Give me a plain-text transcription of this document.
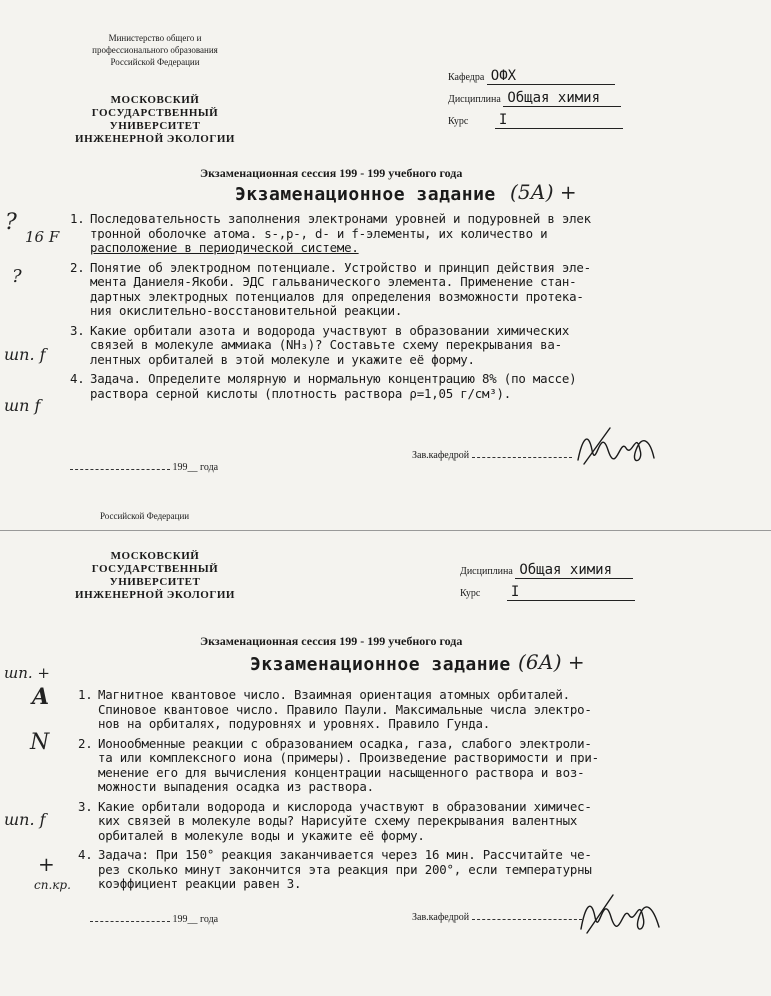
Министерство общего и
профессионального образования
Российской Федерации
МОСКОВСКИЙ
ГОСУДАРСТВЕННЫЙ
УНИВЕРСИТЕТ
ИНЖЕНЕРНОЙ ЭКОЛОГИИ
Кафедра ОФХ
Дисциплина Общая химия
Курс I
Экзаменационная сессия 199 - 199 учебного года
Экзаменационное задание (5А) +
?
16 F
?
шп. f
шп f
1. Последовательность заполнения электронами уровней и подуровней в элек
тронной оболочке атома. s-,p-, d- и f-элементы, их количество и
расположение в периодической системе.
2. Понятие об электродном потенциале. Устройство и принцип действия эле-
мента Даниеля-Якоби. ЭДС гальванического элемента. Применение стан-
дартных электродных потенциалов для определения возможности протека-
ния окислительно-восстановительной реакции.
3. Какие орбитали азота и водорода участвуют в образовании химических
связей в молекуле аммиака (NH₃)? Составьте схему перекрывания ва-
лентных орбиталей в этой молекуле и укажите её форму.
4. Задача. Определите молярную и нормальную концентрацию 8% (по массе)
раствора серной кислоты (плотность раствора ρ=1,05 г/см³).
199__ года
Зав.кафедрой
Российской Федерации
МОСКОВСКИЙ
ГОСУДАРСТВЕННЫЙ
УНИВЕРСИТЕТ
ИНЖЕНЕРНОЙ ЭКОЛОГИИ
Дисциплина Общая химия
Курс I
Экзаменационная сессия 199 - 199 учебного года
Экзаменационное задание (6А) +
шп. +
A
N
шп. f
+
сп.кр.
1. Магнитное квантовое число. Взаимная ориентация атомных орбиталей.
Спиновое квантовое число. Правило Паули. Максимальные числа электро-
нов на орбиталях, подуровнях и уровнях. Правило Гунда.
2. Ионообменные реакции с образованием осадка, газа, слабого электроли-
та или комплексного иона (примеры). Произведение растворимости и при-
менение его для вычисления концентрации насыщенного раствора и воз-
можности выпадения осадка из раствора.
3. Какие орбитали водорода и кислорода участвуют в образовании химичес-
ких связей в молекуле воды? Нарисуйте схему перекрывания валентных
орбиталей в молекуле воды и укажите её форму.
4. Задача: При 150° реакция заканчивается через 16 мин. Рассчитайте че-
рез сколько минут закончится эта реакция при 200°, если температурны
коэффициент реакции равен 3.
199__ года	Зав.кафедрой
